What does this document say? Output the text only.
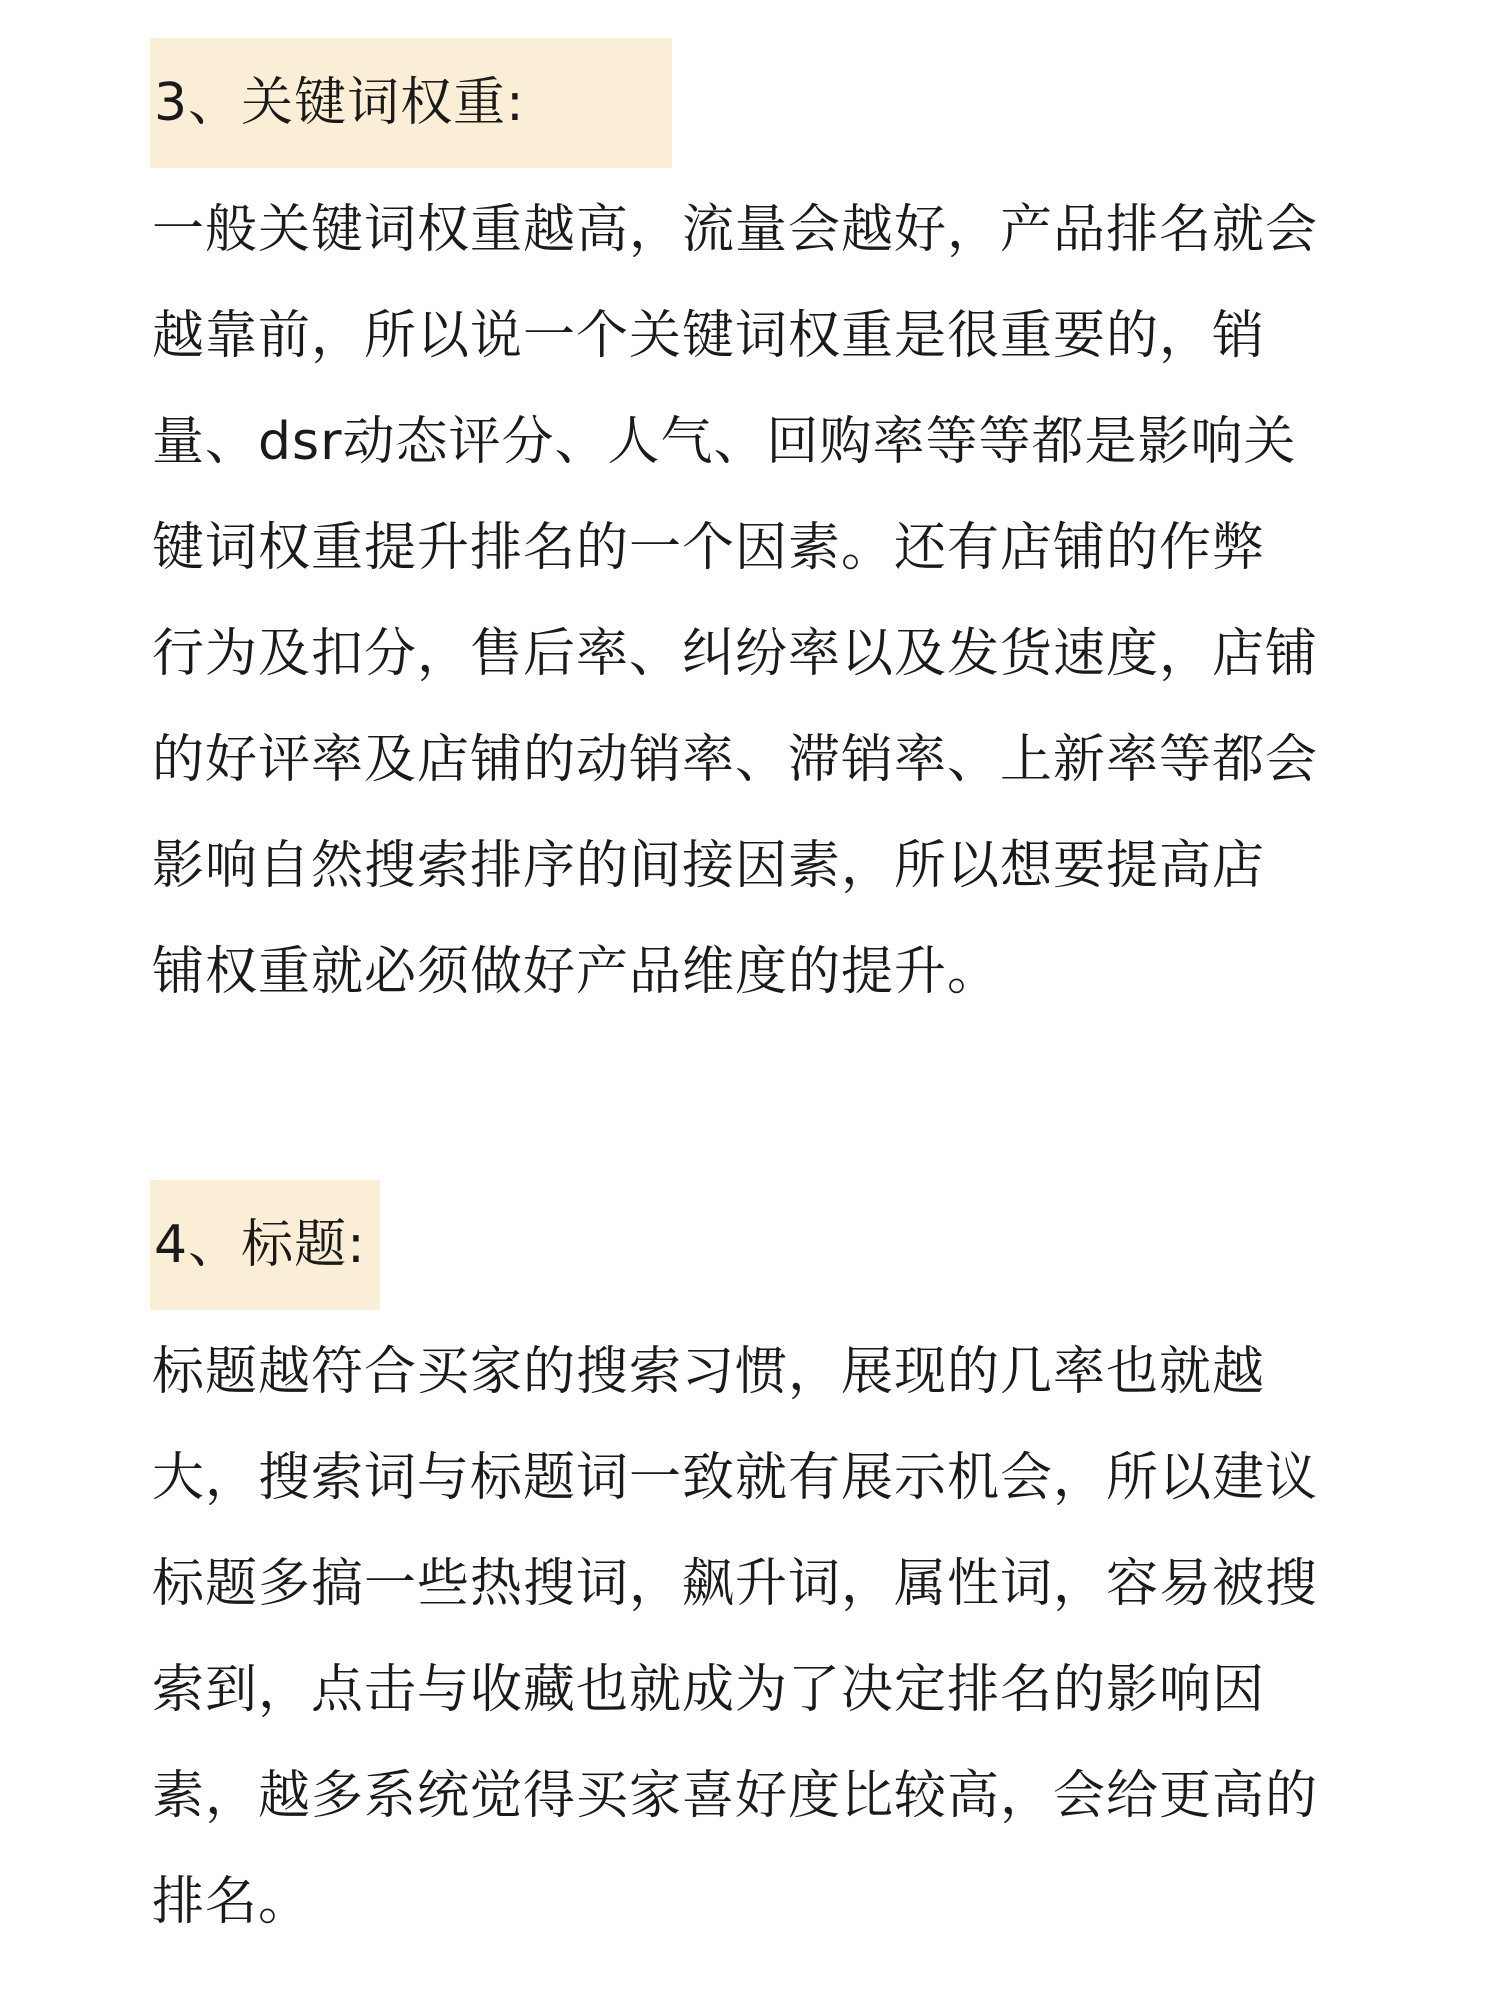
3、关键词权重:
一般关键词权重越高，流量会越好，产品排名就会
越靠前，所以说一个关键词权重是很重要的，销
量、dsr动态评分、人气、回购率等等都是影响关
键词权重提升排名的一个因素。还有店铺的作弊
行为及扣分，售后率、纠纷率以及发货速度，店铺
的好评率及店铺的动销率、滞销率、上新率等都会
影响自然搜索排序的间接因素，所以想要提高店
铺权重就必须做好产品维度的提升。
4、标题:
标题越符合买家的搜索习惯，展现的几率也就越
大，搜索词与标题词一致就有展示机会，所以建议
标题多搞一些热搜词，飙升词，属性词，容易被搜
索到，点击与收藏也就成为了决定排名的影响因
素，越多系统觉得买家喜好度比较高，会给更高的
排名。
